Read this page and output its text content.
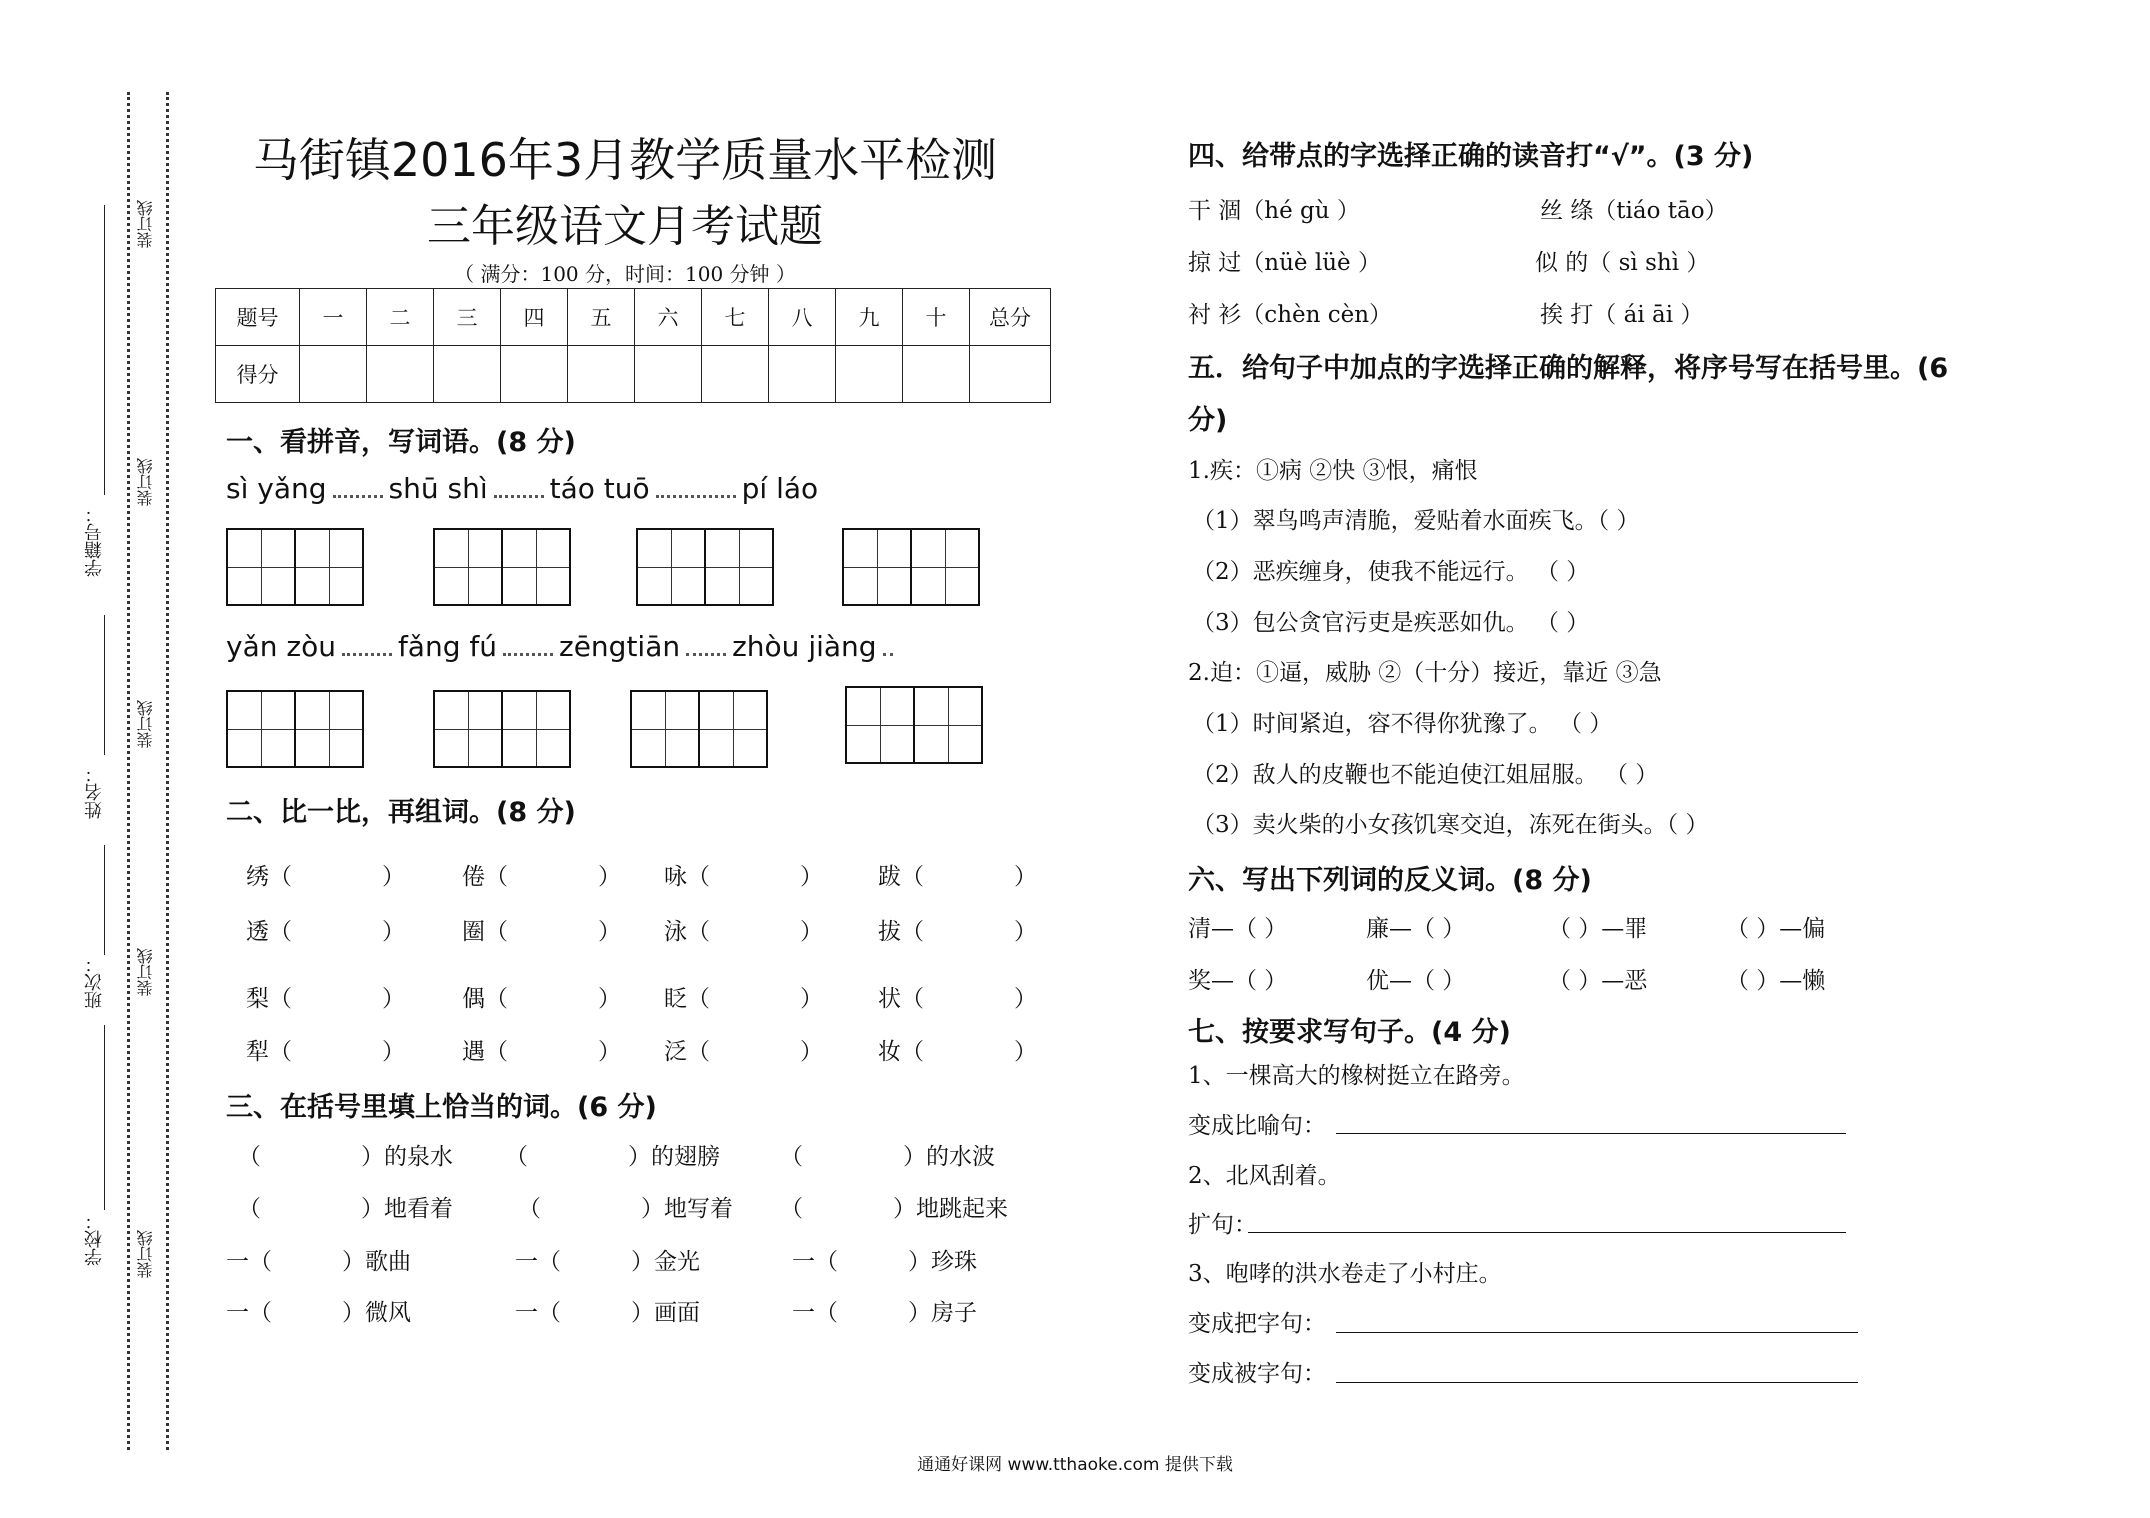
装订线
装订线
装订线
装订线
装订线
学籍号：
姓名：
班次：
学校：
马街镇2016年3月教学质量水平检测
三年级语文月考试题
（ 满分：100 分，时间：100 分钟 ）
题号	一	二	三	四	五	六	七	八	九	十	总分
得分											
一、看拼音，写词语。(8 分)
sì yǎng shū shì táo tuō	pí láo
yǎn zòu fǎng fú zēngtiān zhòu jiàng
二、比一比，再组词。(8 分)
绣（	） 倦（	） 咏（	） 跋（	）
透（	） 圈（	） 泳（	） 拔（	）
梨（	） 偶（	） 眨（	） 状（	）
犁（	） 遇（	） 泛（	） 妆（	）
三、在括号里填上恰当的词。(6 分)
（	）的泉水 （	）的翅膀	（	）的水波
（	）地看着	（	）地写着 （	）地跳起来
一（	）歌曲	一（	）金光	一（	）珍珠
一（	）微风	一（	）画面	一（	）房子
四、给带点的字选择正确的读音打“√”。(3 分)
干 涸（hé gù ）	丝 绦（tiáo tāo）
掠 过（nüè lüè ）	似 的（ sì shì ）
衬 衫（chèn cèn）	挨 打（ ái āi ）
五．给句子中加点的字选择正确的解释，将序号写在括号里。(6
分)
1.疾：①病 ②快 ③恨，痛恨
（1）翠鸟鸣声清脆，爱贴着水面疾飞。（ ）
（2）恶疾缠身，使我不能远行。 （ ）
（3）包公贪官污吏是疾恶如仇。 （ ）
2.迫：①逼，威胁 ②（十分）接近，靠近 ③急
（1）时间紧迫，容不得你犹豫了。 （ ）
（2）敌人的皮鞭也不能迫使江姐屈服。 （ ）
（3）卖火柴的小女孩饥寒交迫，冻死在街头。（ ）
六、写出下列词的反义词。(8 分)
清—（ ）	廉—（ ）	（ ）—罪	（ ）—偏
奖—（ ）	优—（ ）	（ ）—恶	（ ）—懒
七、按要求写句子。(4 分)
1、一棵高大的橡树挺立在路旁。
变成比喻句：
2、北风刮着。
扩句：
3、咆哮的洪水卷走了小村庄。
变成把字句：
变成被字句：
通通好课网 www.tthaoke.com 提供下载
